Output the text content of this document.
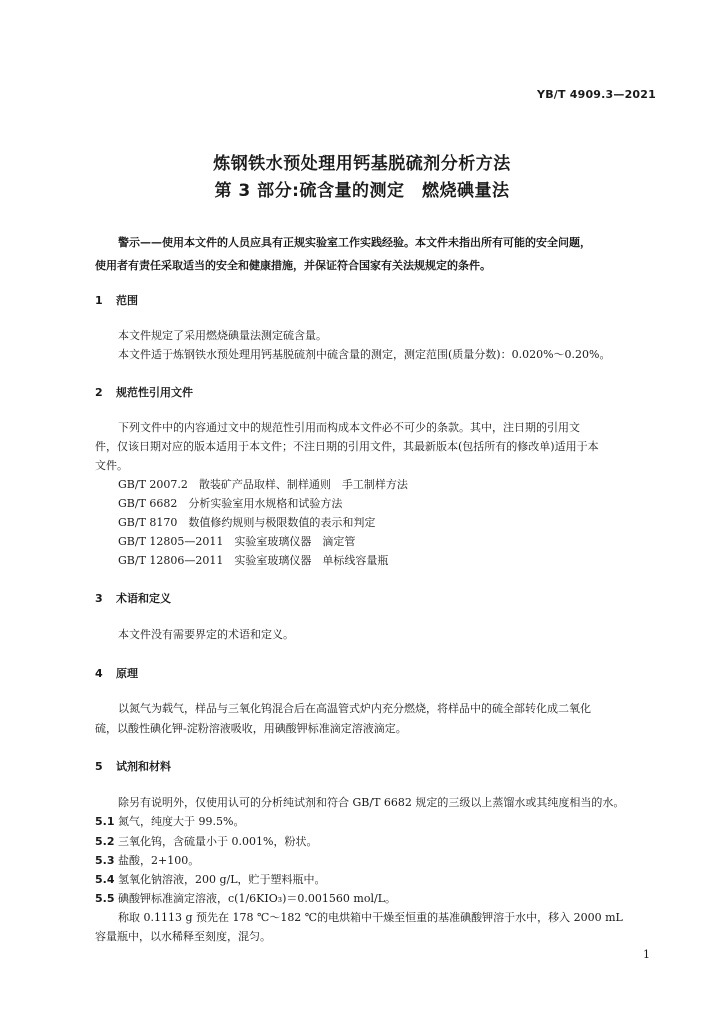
YB/T 4909.3—2021
炼钢铁水预处理用钙基脱硫剂分析方法
第 3 部分:硫含量的测定　燃烧碘量法
警示——使用本文件的人员应具有正规实验室工作实践经验。本文件未指出所有可能的安全问题，
使用者有责任采取适当的安全和健康措施，并保证符合国家有关法规规定的条件。
1 范围
本文件规定了采用燃烧碘量法测定硫含量。
本文件适于炼钢铁水预处理用钙基脱硫剂中硫含量的测定，测定范围(质量分数)：0.020%～0.20%。
2 规范性引用文件
下列文件中的内容通过文中的规范性引用而构成本文件必不可少的条款。其中，注日期的引用文
件，仅该日期对应的版本适用于本文件；不注日期的引用文件，其最新版本(包括所有的修改单)适用于本
文件。
GB/T 2007.2　 散装矿产品取样、制样通则　手工制样方法
GB/T 6682　 分析实验室用水规格和试验方法
GB/T 8170　 数值修约规则与极限数值的表示和判定
GB/T 12805—2011　 实验室玻璃仪器　滴定管
GB/T 12806—2011　 实验室玻璃仪器　单标线容量瓶
3 术语和定义
本文件没有需要界定的术语和定义。
4 原理
以氮气为载气，样品与三氧化钨混合后在高温管式炉内充分燃烧，将样品中的硫全部转化成二氧化
硫，以酸性碘化钾-淀粉溶液吸收，用碘酸钾标准滴定溶液滴定。
5 试剂和材料
除另有说明外，仅使用认可的分析纯试剂和符合 GB/T 6682 规定的三级以上蒸馏水或其纯度相当的水。
5.1 氮气，纯度大于 99.5%。
5.2 三氧化钨，含硫量小于 0.001%，粉状。
5.3 盐酸，2+100。
5.4 氢氧化钠溶液，200 g/L，贮于塑料瓶中。
5.5 碘酸钾标准滴定溶液，c(1/6KIO₃)＝0.001560 mol/L。
称取 0.1113 g 预先在 178 ℃～182 ℃的电烘箱中干燥至恒重的基准碘酸钾溶于水中，移入 2000 mL
容量瓶中，以水稀释至刻度，混匀。
1
